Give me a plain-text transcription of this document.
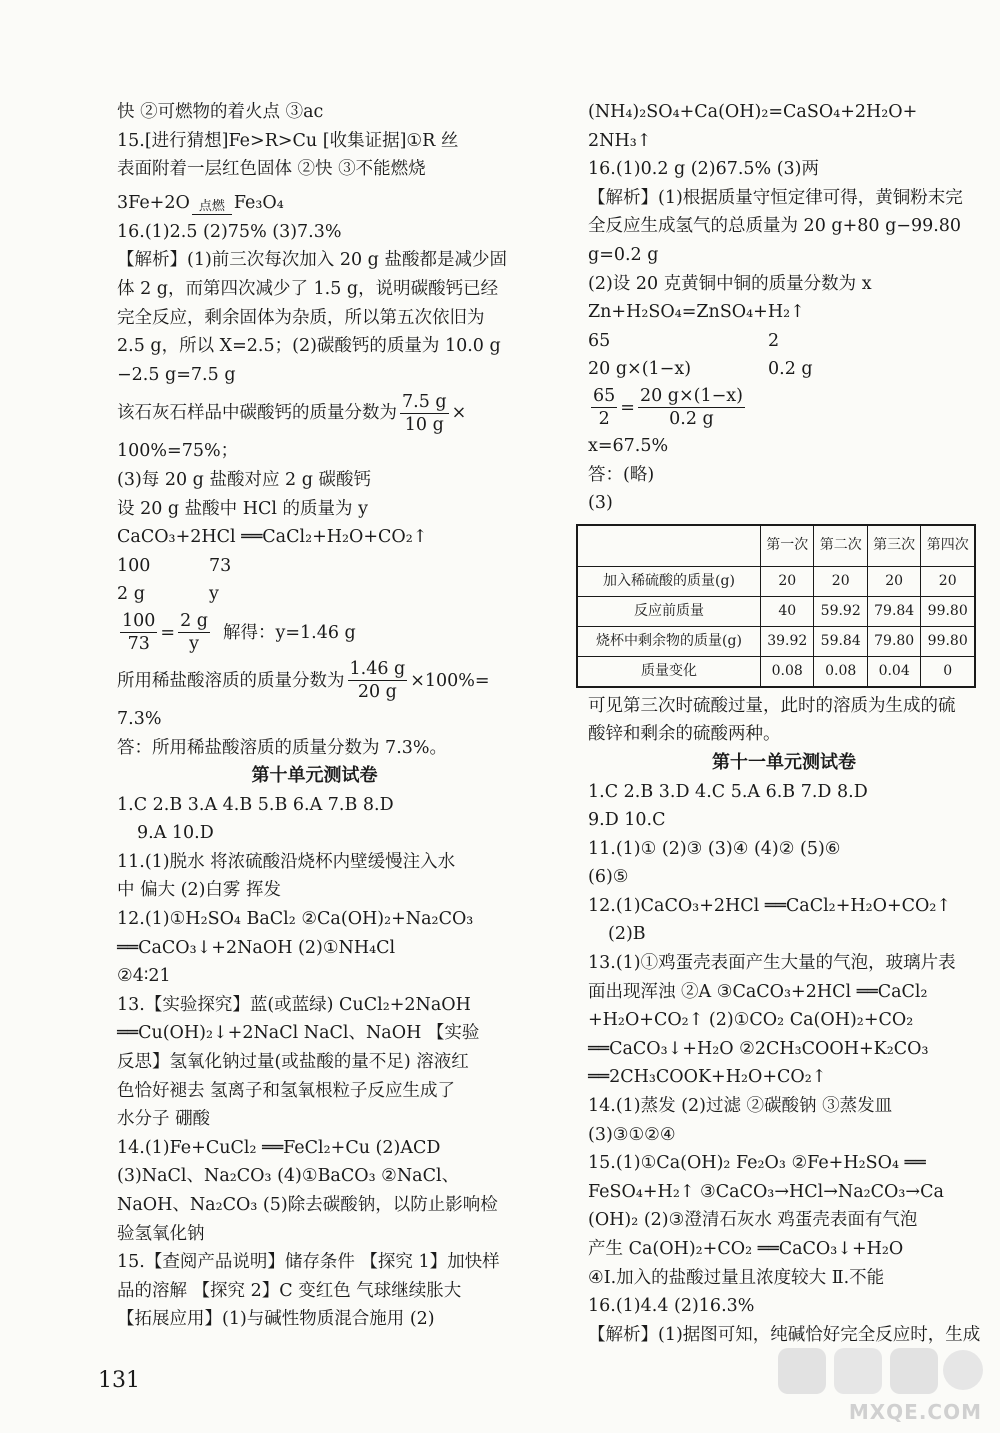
快 ②可燃物的着火点 ③ac
15.[进行猜想]Fe>R>Cu [收集证据]①R 丝
表面附着一层红色固体 ②快 ③不能燃烧
3Fe+2O 点燃 Fe₃O₄
16.(1)2.5 (2)75% (3)7.3%
【解析】(1)前三次每次加入 20 g 盐酸都是减少固
体 2 g，而第四次减少了 1.5 g，说明碳酸钙已经
完全反应，剩余固体为杂质，所以第五次依旧为
2.5 g，所以 X=2.5；(2)碳酸钙的质量为 10.0 g
−2.5 g=7.5 g
该石灰石样品中碳酸钙的质量分数为 $\frac{7.5 g}{10 g}$ ×
100%=75%；
(3)每 20 g 盐酸对应 2 g 碳酸钙
设 20 g 盐酸中 HCl 的质量为 y
CaCO₃+2HCl ══CaCl₂+H₂O+CO₂↑
100	73
2 g	y
$\frac{100}{73} = \frac{2 g}{y}$ 解得：y=1.46 g
所用稀盐酸溶质的质量分数为 $\frac{1.46 g}{20 g} \times 100\%=$
7.3%
答：所用稀盐酸溶质的质量分数为 7.3%。
第十单元测试卷
1.C 2.B 3.A 4.B 5.B 6.A 7.B 8.D
9.A 10.D
11.(1)脱水 将浓硫酸沿烧杯内壁缓慢注入水
中 偏大 (2)白雾 挥发
12.(1)①H₂SO₄ BaCl₂ ②Ca(OH)₂+Na₂CO₃
══CaCO₃↓+2NaOH (2)①NH₄Cl
②4∶21
13.【实验探究】蓝(或蓝绿) CuCl₂+2NaOH
══Cu(OH)₂↓+2NaCl NaCl、NaOH 【实验
反思】氢氧化钠过量(或盐酸的量不足) 溶液红
色恰好褪去 氢离子和氢氧根粒子反应生成了
水分子 硼酸
14.(1)Fe+CuCl₂ ══FeCl₂+Cu (2)ACD
(3)NaCl、Na₂CO₃ (4)①BaCO₃ ②NaCl、
NaOH、Na₂CO₃ (5)除去碳酸钠，以防止影响检
验氢氧化钠
15.【查阅产品说明】储存条件 【探究 1】加快样
品的溶解 【探究 2】C 变红色 气球继续胀大
【拓展应用】(1)与碱性物质混合施用 (2)
(NH₄)₂SO₄+Ca(OH)₂=CaSO₄+2H₂O+
2NH₃↑
16.(1)0.2 g (2)67.5% (3)两
【解析】(1)根据质量守恒定律可得，黄铜粉末完
全反应生成氢气的总质量为 20 g+80 g−99.80
g=0.2 g
(2)设 20 克黄铜中铜的质量分数为 x
Zn+H₂SO₄=ZnSO₄+H₂↑
65	2
20 g×(1−x)	0.2 g
$\frac{65}{2} = \frac{20 g\times(1-x)}{0.2 g}$
x=67.5%
答：(略)
(3)
	第一次	第二次	第三次	第四次
加入稀硫酸的质量(g)	20	20	20	20
反应前质量	40	59.92	79.84	99.80
烧杯中剩余物的质量(g)	39.92	59.84	79.80	99.80
质量变化	0.08	0.08	0.04	0
可见第三次时硫酸过量，此时的溶质为生成的硫
酸锌和剩余的硫酸两种。
第十一单元测试卷
1.C 2.B 3.D 4.C 5.A 6.B 7.D 8.D
9.D 10.C
11.(1)① (2)③ (3)④ (4)② (5)⑥
(6)⑤
12.(1)CaCO₃+2HCl ══CaCl₂+H₂O+CO₂↑
(2)B
13.(1)①鸡蛋壳表面产生大量的气泡，玻璃片表
面出现浑浊 ②A ③CaCO₃+2HCl ══CaCl₂
+H₂O+CO₂↑ (2)①CO₂ Ca(OH)₂+CO₂
══CaCO₃↓+H₂O ②2CH₃COOH+K₂CO₃
══2CH₃COOK+H₂O+CO₂↑
14.(1)蒸发 (2)过滤 ②碳酸钠 ③蒸发皿
(3)③①②④
15.(1)①Ca(OH)₂ Fe₂O₃ ②Fe+H₂SO₄ ══
FeSO₄+H₂↑ ③CaCO₃→HCl→Na₂CO₃→Ca
(OH)₂ (2)③澄清石灰水 鸡蛋壳表面有气泡
产生 Ca(OH)₂+CO₂ ══CaCO₃↓+H₂O
④Ⅰ.加入的盐酸过量且浓度较大 Ⅱ.不能
16.(1)4.4 (2)16.3%
【解析】(1)据图可知，纯碱恰好完全反应时，生成
131
MXQE.COM
